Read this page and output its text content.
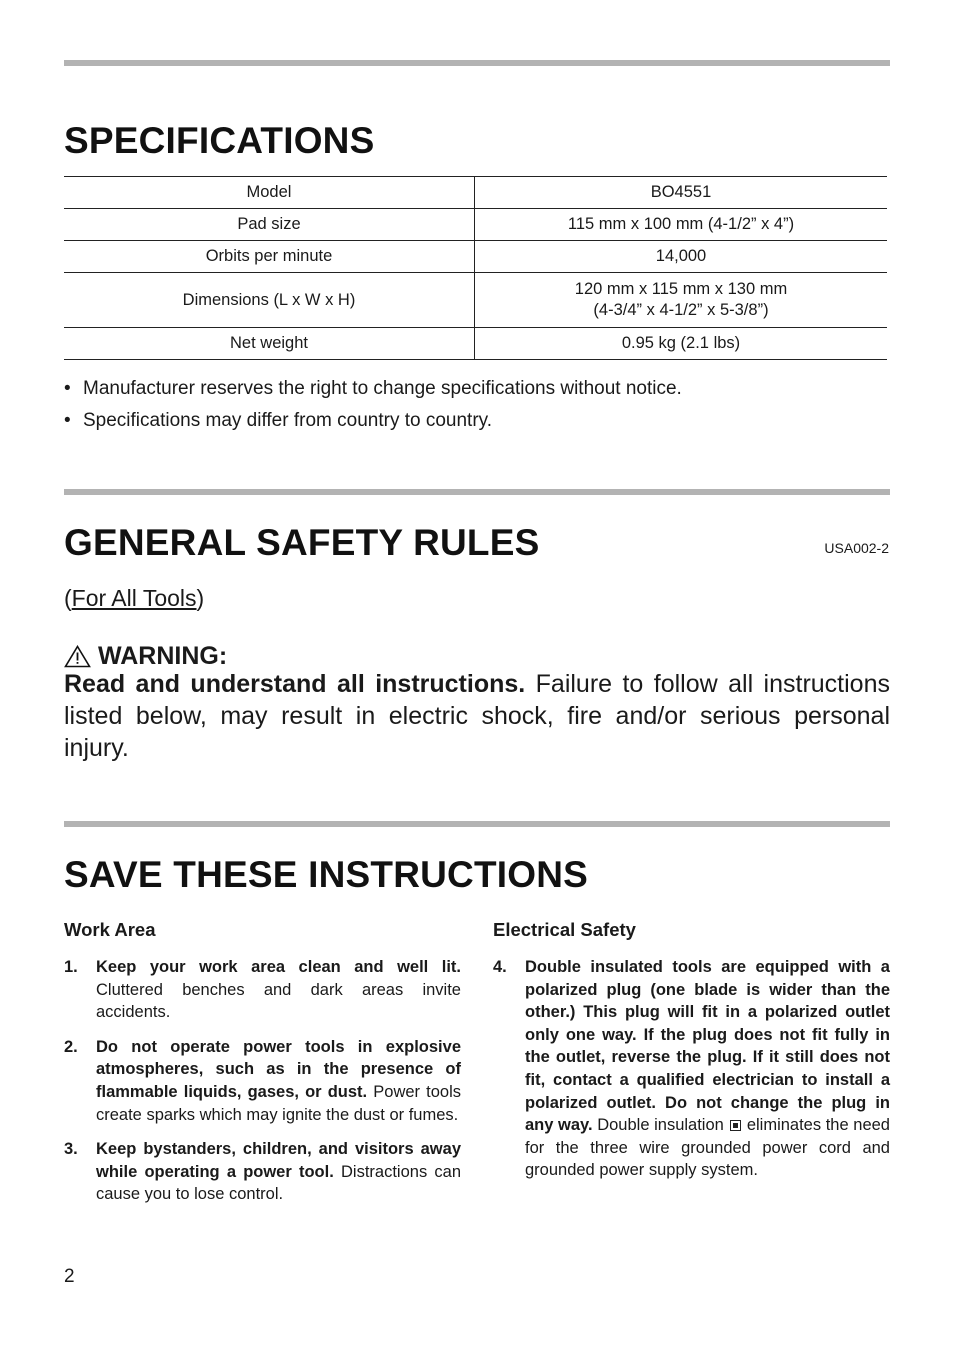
SPECIFICATIONS
Model	BO4551
Pad size	115 mm x 100 mm (4-1/2” x 4”)
Orbits per minute	14,000
Dimensions (L x W x H)	120 mm x 115 mm x 130 mm
(4-3/4” x 4-1/2” x 5-3/8”)

Net weight	0.95 kg (2.1 lbs)
• Manufacturer reserves the right to change specifications without notice.
• Specifications may differ from country to country.
GENERAL SAFETY RULES	USA002-2
(For All Tools)
WARNING:

Read and understand all instructions. Failure to follow all instructions listed below, may result in electric shock, fire and/or serious personal injury.

SAVE THESE INSTRUCTIONS
Work Area
1. Keep your work area clean and well lit. Cluttered benches and dark areas invite accidents.
2. Do not operate power tools in explosive atmospheres, such as in the presence of flammable liquids, gases, or dust. Power tools create sparks which may ignite the dust or fumes.
3. Keep bystanders, children, and visitors away while operating a power tool. Distractions can cause you to lose control.
Electrical Safety
4. Double insulated tools are equipped with a polarized plug (one blade is wider than the other.) This plug will fit in a polarized outlet only one way. If the plug does not fit fully in the outlet, reverse the plug. If it still does not fit, contact a qualified electrician to install a polarized outlet. Do not change the plug in any way. Double insulation eliminates the need for the three wire grounded power cord and grounded power supply system.
2
